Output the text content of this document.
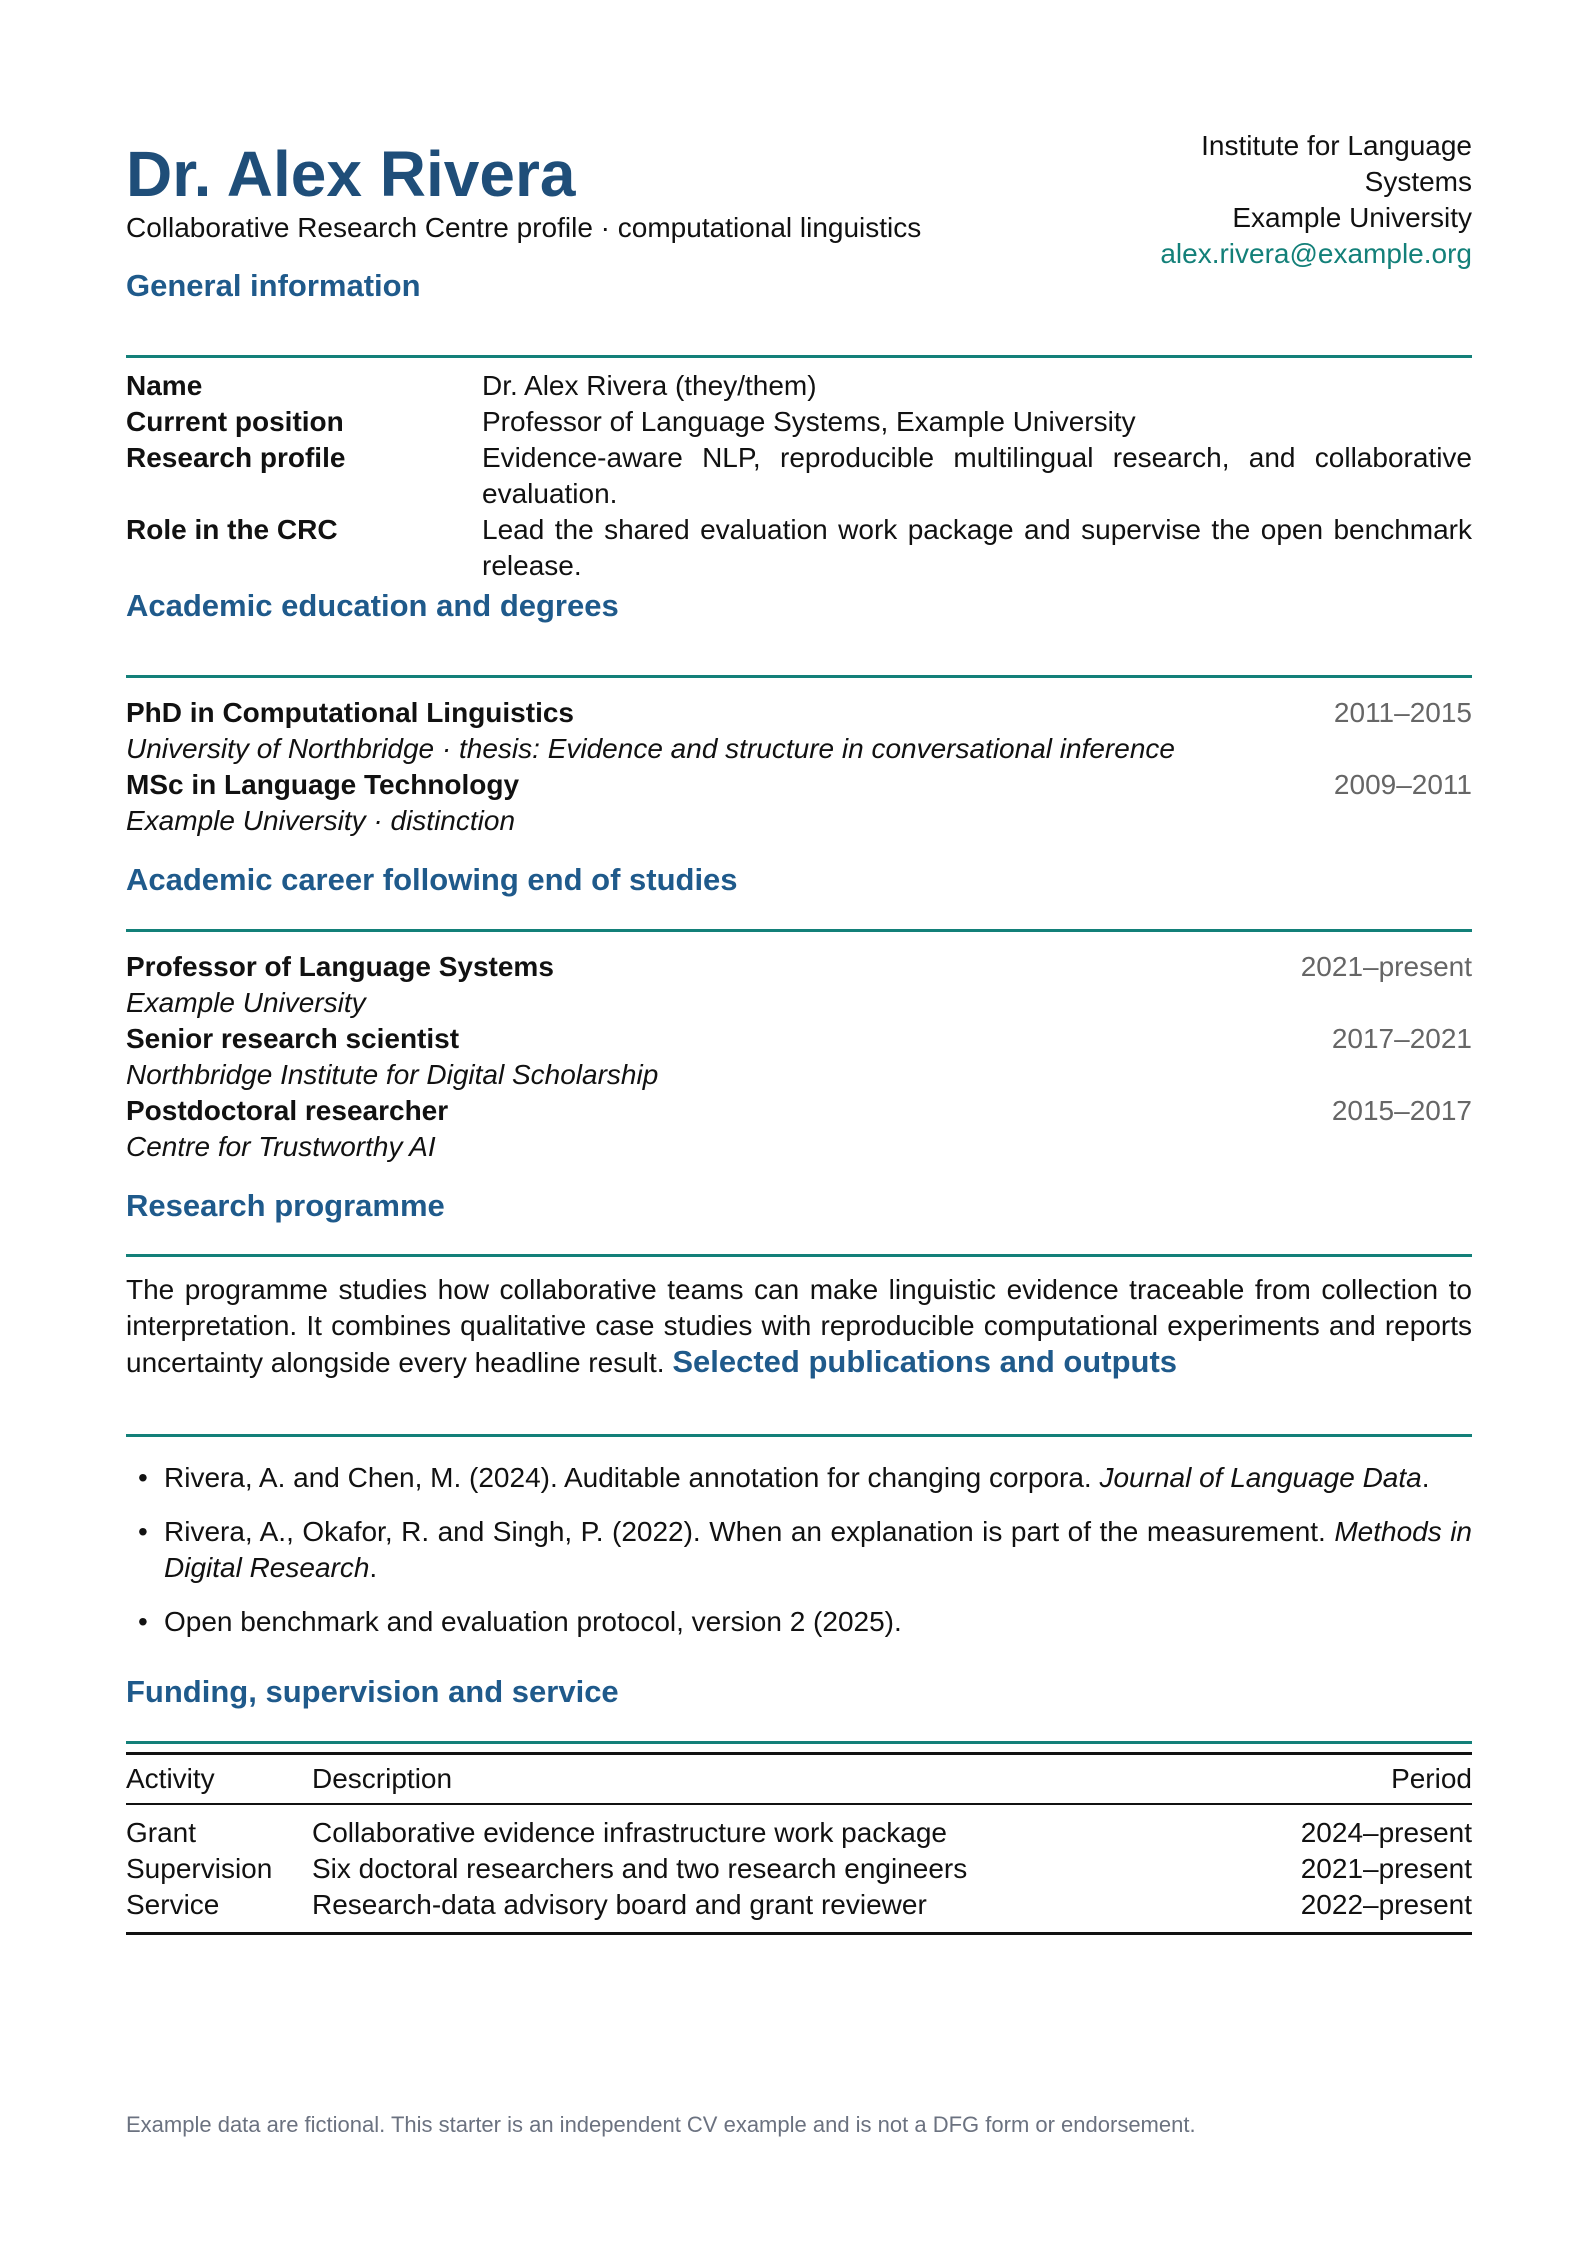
Dr. Alex Rivera
Collaborative Research Centre profile · computational linguistics
Institute for Language
Systems
Example University
alex.rivera@example.org
General information
Name	Dr. Alex Rivera (they/them)
Current position	Professor of Language Systems, Example University
Research profile	Evidence-aware NLP, reproducible multilingual research, and collaborative evaluation.
Role in the CRC	Lead the shared evaluation work package and supervise the open benchmark release.
Academic education and degrees
PhD in Computational Linguistics	2011–2015
University of Northbridge · thesis: Evidence and structure in conversational inference
MSc in Language Technology	2009–2011
Example University · distinction
Academic career following end of studies
Professor of Language Systems	2021–present
Example University
Senior research scientist	2017–2021
Northbridge Institute for Digital Scholarship
Postdoctoral researcher	2015–2017
Centre for Trustworthy AI
Research programme

The programme studies how collaborative teams can make linguistic evidence traceable from collection to interpretation. It combines qualitative case studies with reproducible computational experiments and reports uncertainty alongside every headline result. Selected publications and outputs

• Rivera, A. and Chen, M. (2024). Auditable annotation for changing corpora. Journal of Language Data.
• Rivera, A., Okafor, R. and Singh, P. (2022). When an explanation is part of the measurement. Methods in Digital Research.
• Open benchmark and evaluation protocol, version 2 (2025).
Funding, supervision and service
Activity	Description	Period
Grant	Collaborative evidence infrastructure work package	2024–present
Supervision	Six doctoral researchers and two research engineers	2021–present
Service	Research-data advisory board and grant reviewer	2022–present
Example data are fictional. This starter is an independent CV example and is not a DFG form or endorsement.
